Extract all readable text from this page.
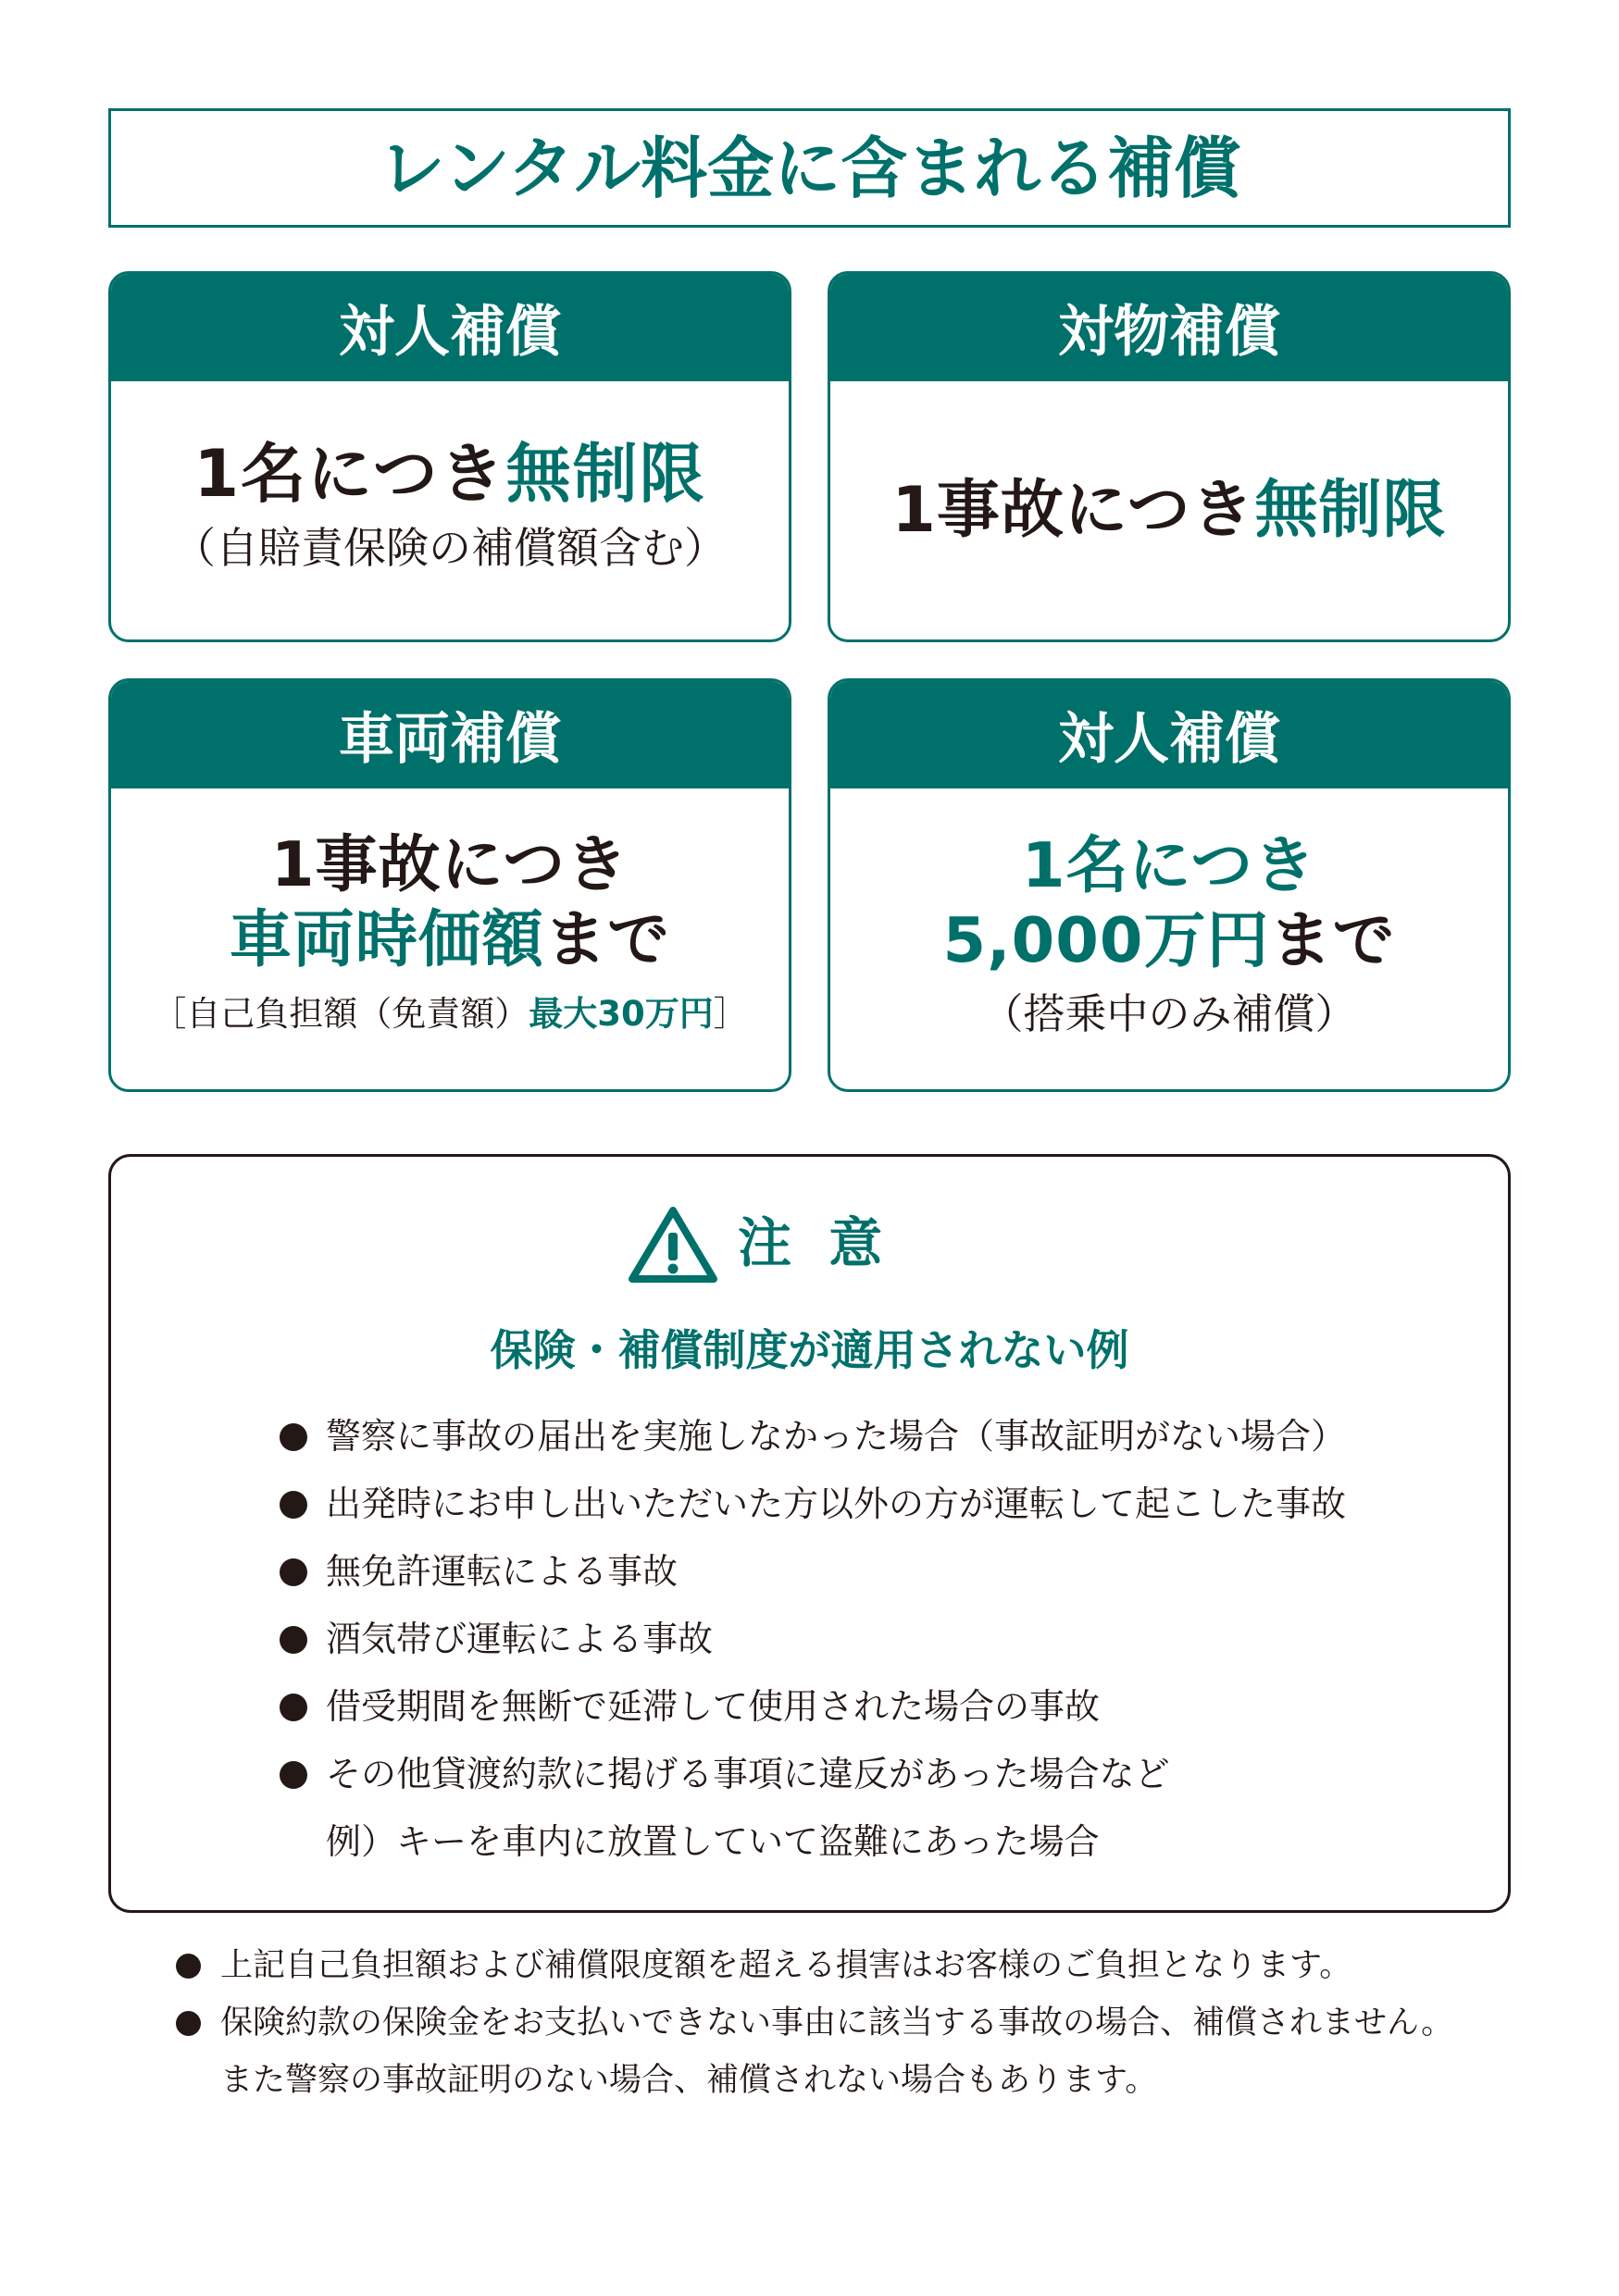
レンタル料金に含まれる補償
対人補償
1名につき無制限
（自賠責保険の補償額含む）
対物補償
1事故につき無制限
車両補償
1事故につき
車両時価額まで
［自己負担額（免責額）最大30万円］
対人補償
1名につき
5,000万円まで
（搭乗中のみ補償）
注 意
保険・補償制度が適用されない例
警察に事故の届出を実施しなかった場合（事故証明がない場合）
出発時にお申し出いただいた方以外の方が運転して起こした事故
無免許運転による事故
酒気帯び運転による事故
借受期間を無断で延滞して使用された場合の事故
その他貸渡約款に掲げる事項に違反があった場合など
例）キーを車内に放置していて盗難にあった場合
上記自己負担額および補償限度額を超える損害はお客様のご負担となります。
保険約款の保険金をお支払いできない事由に該当する事故の場合、補償されません。
また警察の事故証明のない場合、補償されない場合もあります。
